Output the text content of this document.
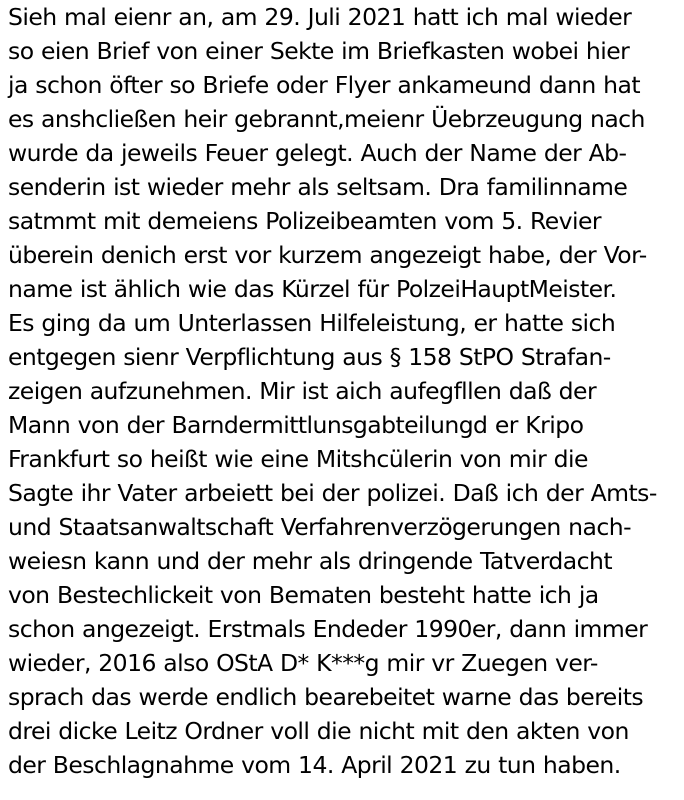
Sieh mal eienr an, am 29. Juli 2021 hatt ich mal wieder
so eien Brief von einer Sekte im Briefkasten wobei hier
ja schon öfter so Briefe oder Flyer ankameund dann hat
es anshcließen heir gebrannt,meienr Üebrzeugung nach
wurde da jeweils Feuer gelegt. Auch der Name der Ab-
senderin ist wieder mehr als seltsam. Dra familinname
satmmt mit demeiens Polizeibeamten vom 5. Revier
überein denich erst vor kurzem angezeigt habe, der Vor-
name ist ählich wie das Kürzel für PolzeiHauptMeister.
Es ging da um Unterlassen Hilfeleistung, er hatte sich
entgegen sienr Verpflichtung aus § 158 StPO Strafan-
zeigen aufzunehmen. Mir ist aich aufegfllen daß der
Mann von der Barndermittlunsgabteilungd er Kripo
Frankfurt so heißt wie eine Mitshcülerin von mir die
Sagte ihr Vater arbeiett bei der polizei. Daß ich der Amts-
und Staatsanwaltschaft Verfahrenverzögerungen nach-
weiesn kann und der mehr als dringende Tatverdacht
von Bestechlickeit von Bematen besteht hatte ich ja
schon angezeigt. Erstmals Endeder 1990er, dann immer
wieder, 2016 also OStA D* K***g mir vr Zuegen ver-
sprach das werde endlich bearebeitet warne das bereits
drei dicke Leitz Ordner voll die nicht mit den akten von
der Beschlagnahme vom 14. April 2021 zu tun haben.
